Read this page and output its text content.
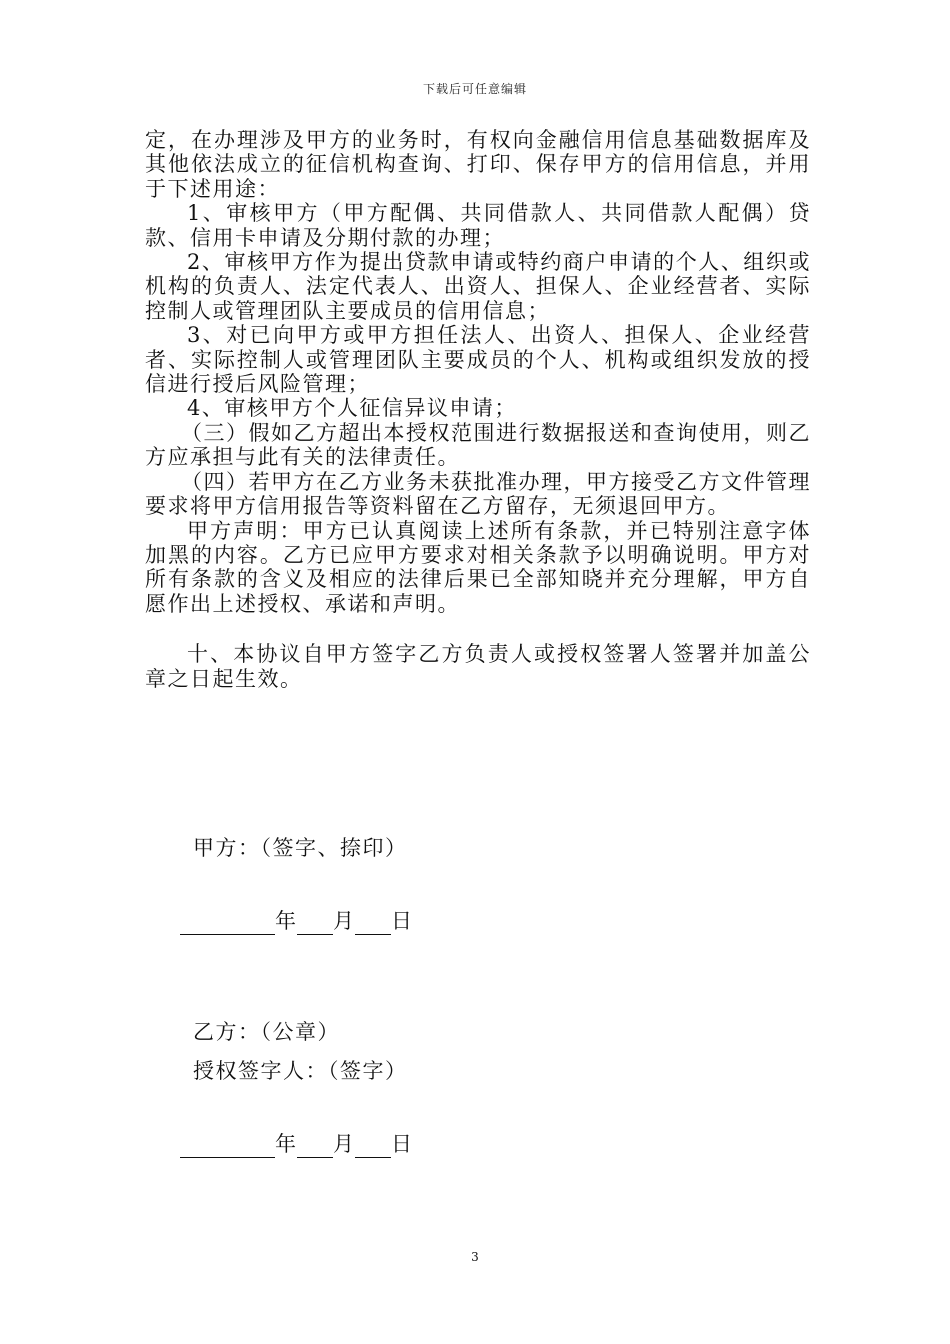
下载后可任意编辑

定，在办理涉及甲方的业务时，有权向金融信用信息基础数据库及其他依法成立的征信机构查询、打印、保存甲方的信用信息，并用于下述用途：

1、审核甲方（甲方配偶、共同借款人、共同借款人配偶）贷款、信用卡申请及分期付款的办理；

2、审核甲方作为提出贷款申请或特约商户申请的个人、组织或机构的负责人、法定代表人、出资人、担保人、企业经营者、实际控制人或管理团队主要成员的信用信息；

3、对已向甲方或甲方担任法人、出资人、担保人、企业经营者、实际控制人或管理团队主要成员的个人、机构或组织发放的授信进行授后风险管理；

4、审核甲方个人征信异议申请；

（三）假如乙方超出本授权范围进行数据报送和查询使用，则乙方应承担与此有关的法律责任。

（四）若甲方在乙方业务未获批准办理，甲方接受乙方文件管理要求将甲方信用报告等资料留在乙方留存，无须退回甲方。

甲方声明：甲方已认真阅读上述所有条款，并已特别注意字体加黑的内容。乙方已应甲方要求对相关条款予以明确说明。甲方对所有条款的含义及相应的法律后果已全部知晓并充分理解，甲方自愿作出上述授权、承诺和声明。

十、本协议自甲方签字乙方负责人或授权签署人签署并加盖公章之日起生效。

甲方：（签字、捺印）
年 月 日
乙方：（公章）
授权签字人：（签字）
年 月 日
3
